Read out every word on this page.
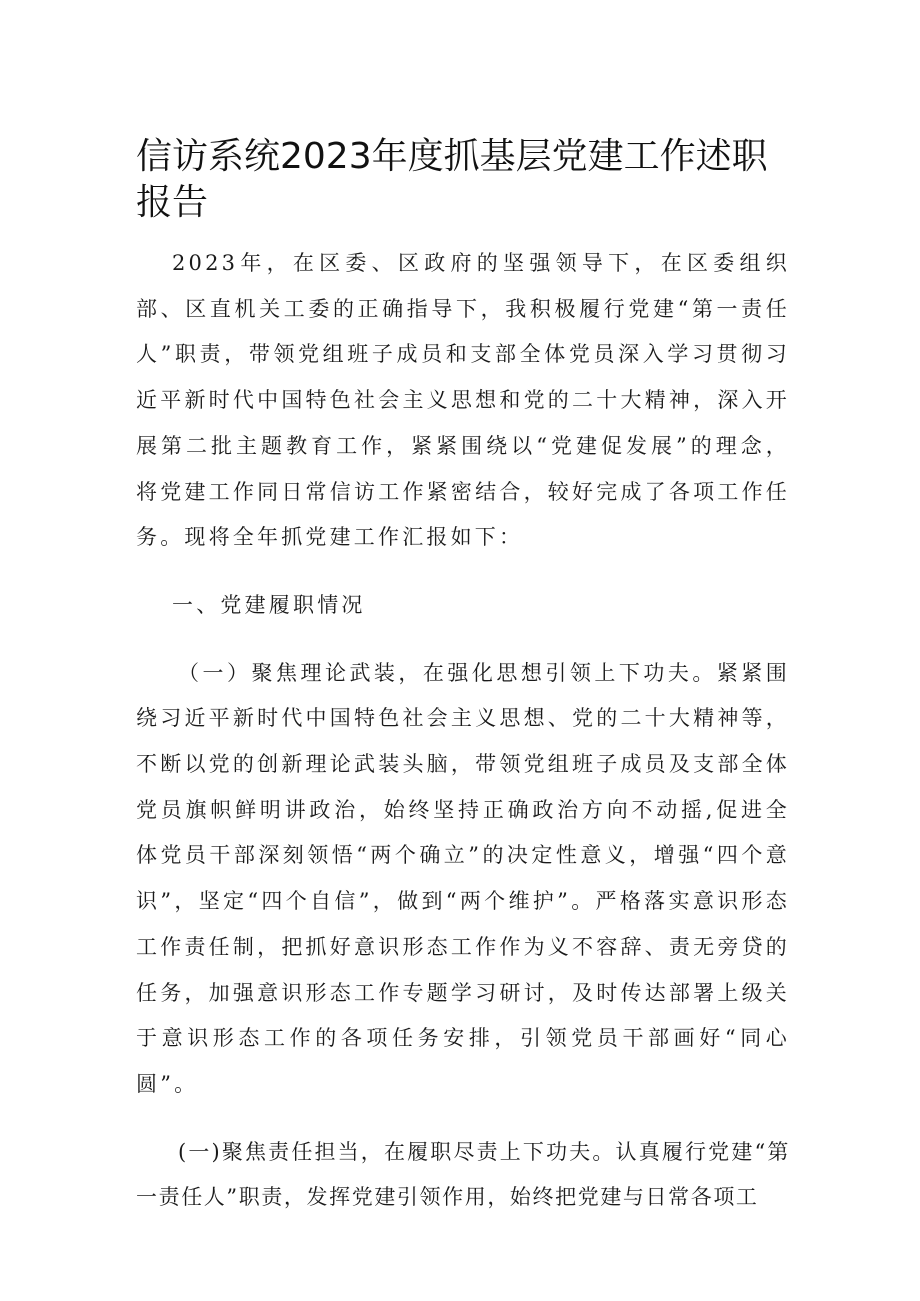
信访系统2023年度抓基层党建工作述职报告

2023年，在区委、区政府的坚强领导下，在区委组织部、区直机关工委的正确指导下，我积极履行党建“第一责任人”职责，带领党组班子成员和支部全体党员深入学习贯彻习近平新时代中国特色社会主义思想和党的二十大精神，深入开展第二批主题教育工作，紧紧围绕以“党建促发展”的理念，将党建工作同日常信访工作紧密结合，较好完成了各项工作任务。现将全年抓党建工作汇报如下：

一、党建履职情况

（一）聚焦理论武装，在强化思想引领上下功夫。紧紧围绕习近平新时代中国特色社会主义思想、党的二十大精神等，不断以党的创新理论武装头脑，带领党组班子成员及支部全体党员旗帜鲜明讲政治，始终坚持正确政治方向不动摇,促进全体党员干部深刻领悟“两个确立”的决定性意义，增强“四个意识”，坚定“四个自信”，做到“两个维护”。严格落实意识形态工作责任制，把抓好意识形态工作作为义不容辞、责无旁贷的任务，加强意识形态工作专题学习研讨，及时传达部署上级关于意识形态工作的各项任务安排，引领党员干部画好“同心圆”。

(一)聚焦责任担当，在履职尽责上下功夫。认真履行党建“第一责任人”职责，发挥党建引领作用，始终把党建与日常各项工
